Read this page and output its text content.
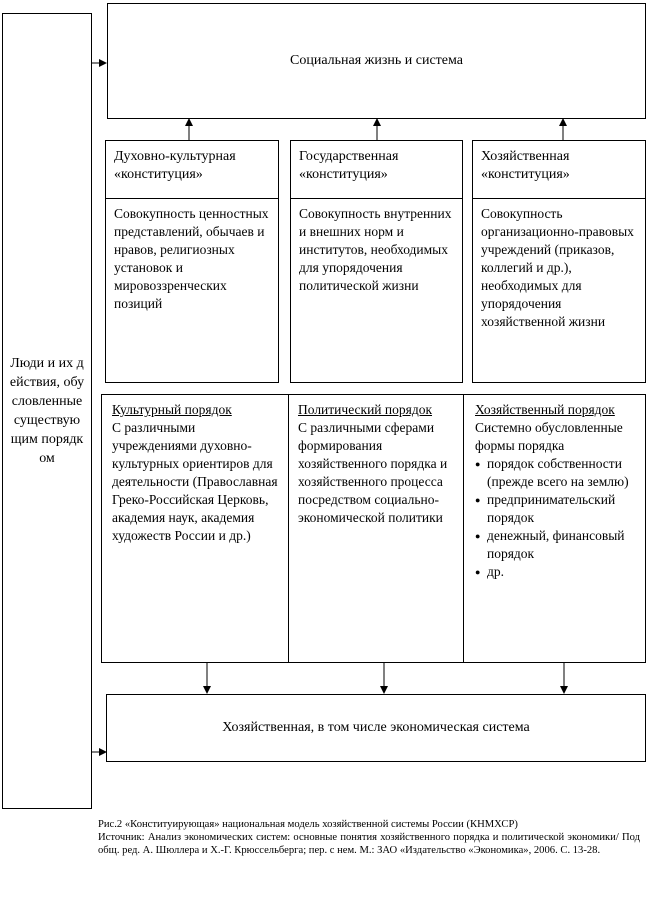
Люди и их действия, обусловленные существующим порядком
Социальная жизнь и система
Духовно-культурная «конституция»
Государственная «конституция»
Хозяйственная «конституция»
Совокупность ценностных представлений, обычаев и нравов, религиозных установок и мировоззренческих позиций
Совокупность внутренних и внешних норм и институтов, необходимых для упорядочения политической жизни
Совокупность организационно-правовых учреждений (приказов, коллегий и др.), необходимых для упорядочения хозяйственной жизни
Культурный порядок
С различными учреждениями духовно-культурных ориентиров для деятельности (Православная Греко-Российская Церковь, академия наук, академия художеств России и др.)
Политический порядок
С различными сферами формирования хозяйственного порядка и хозяйственного процесса посредством социально-экономической политики
Хозяйственный порядок
Системно обусловленные формы порядка
● порядок собственности (прежде всего на землю)
● предпринимательский порядок
● денежный, финансовый порядок
● др.
Хозяйственная, в том числе экономическая система
Рис.2 «Конституирующая» национальная модель хозяйственной системы России (КНМХСР)
Источник: Анализ экономических систем: основные понятия хозяйственного порядка и политической экономики/ Под общ. ред. А. Шюллера и Х.-Г. Крюссельберга; пер. с нем. М.: ЗАО «Издательство «Экономика», 2006. С. 13-28.
